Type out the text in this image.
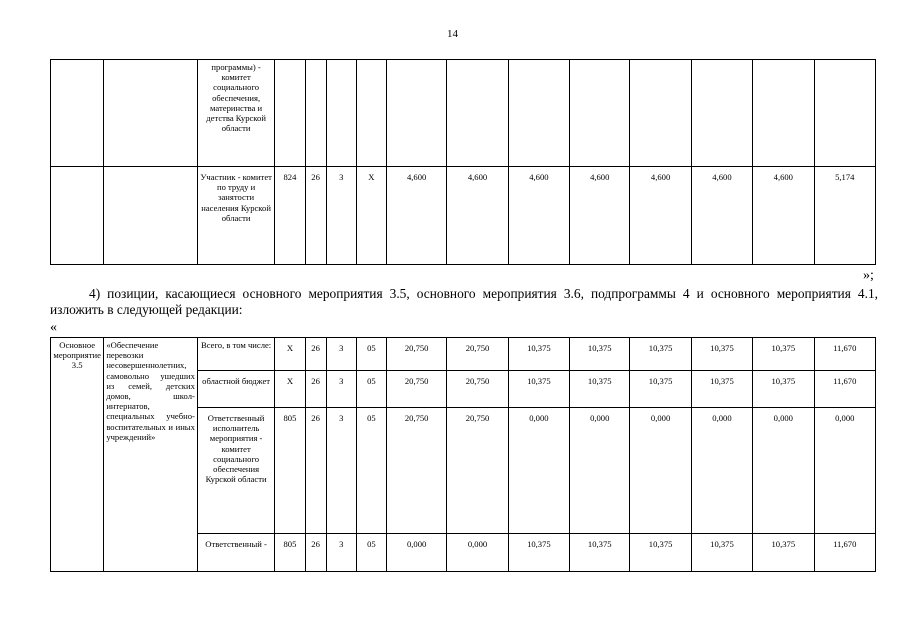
14
		программы) - комитет социального обеспечения, материнства и детства Курской области												
		Участник - комитет по труду и занятости населения Курской области	824	26	3	Х	4,600	4,600	4,600	4,600	4,600	4,600	4,600	5,174
»;
4) позиции, касающиеся основного мероприятия 3.5, основного мероприятия 3.6, подпрограммы 4 и основного мероприятия 4.1, изложить в следующей редакции:
«
Основное мероприятие 3.5	«Обеспечение перевозки несовершеннолетних, самовольно ушедших из семей, детских домов, школ-интернатов, специальных учебно-воспитательных и иных учреждений»	Всего, в том числе:	Х	26	3	05	20,750	20,750	10,375	10,375	10,375	10,375	10,375	11,670
		областной бюджет	Х	26	3	05	20,750	20,750	10,375	10,375	10,375	10,375	10,375	11,670
		Ответственный исполнитель мероприятия - комитет социального обеспечения Курской области	805	26	3	05	20,750	20,750	0,000	0,000	0,000	0,000	0,000	0,000
		Ответственный -	805	26	3	05	0,000	0,000	10,375	10,375	10,375	10,375	10,375	11,670
